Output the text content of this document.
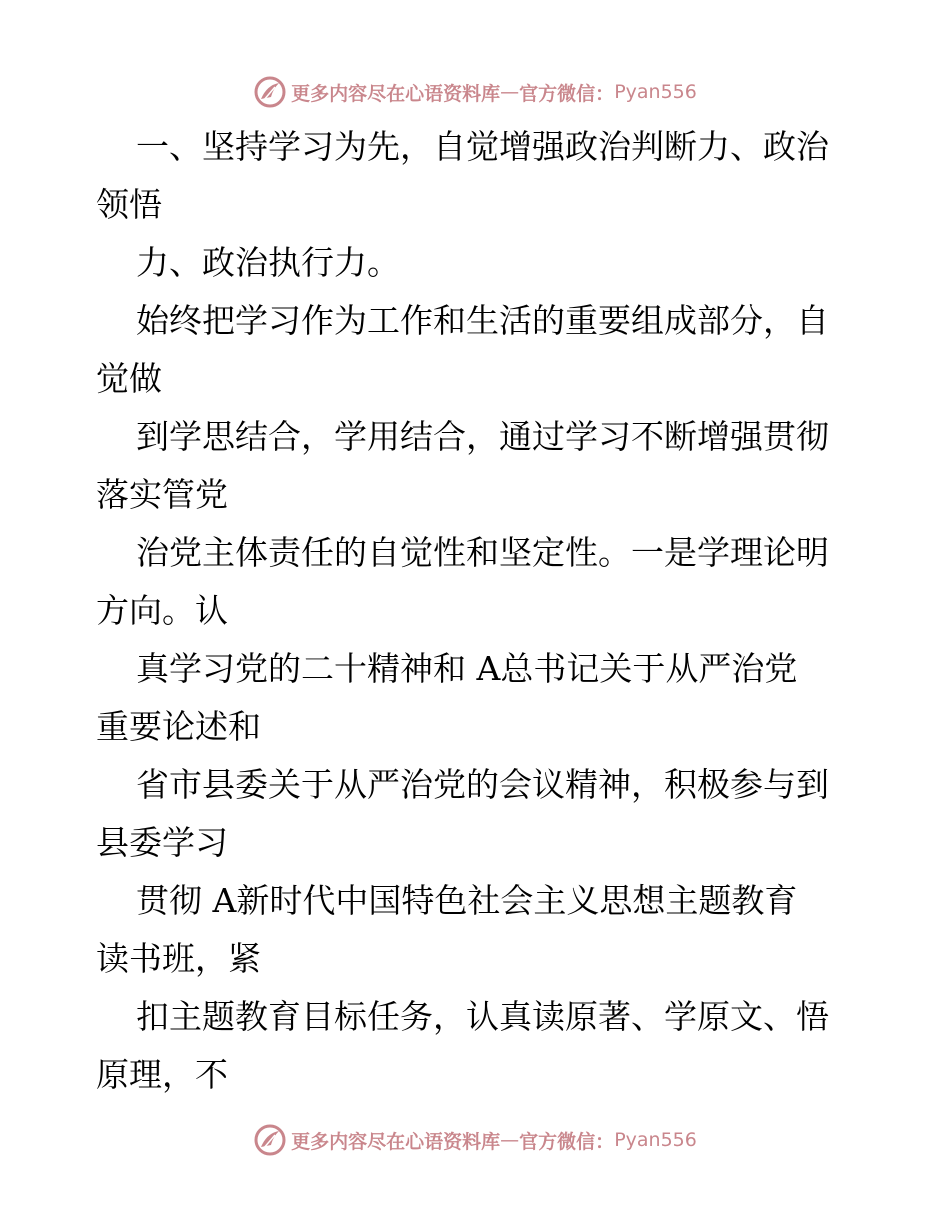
更多内容尽在心语资料库 — 官方微信： Pyan556
一、坚持学习为先，自觉增强政治判断力、政治
领悟
力、政治执行力。
始终把学习作为工作和生活的重要组成部分，自
觉做
到学思结合，学用结合，通过学习不断增强贯彻
落实管党
治党主体责任的自觉性和坚定性。一是学理论明
方向。认
真学习党的二十精神和 A总书记关于从严治党
重要论述和
省市县委关于从严治党的会议精神，积极参与到
县委学习
贯彻 A新时代中国特色社会主义思想主题教育
读书班，紧
扣主题教育目标任务，认真读原著、学原文、悟
原理，不
更多内容尽在心语资料库 — 官方微信： Pyan556
